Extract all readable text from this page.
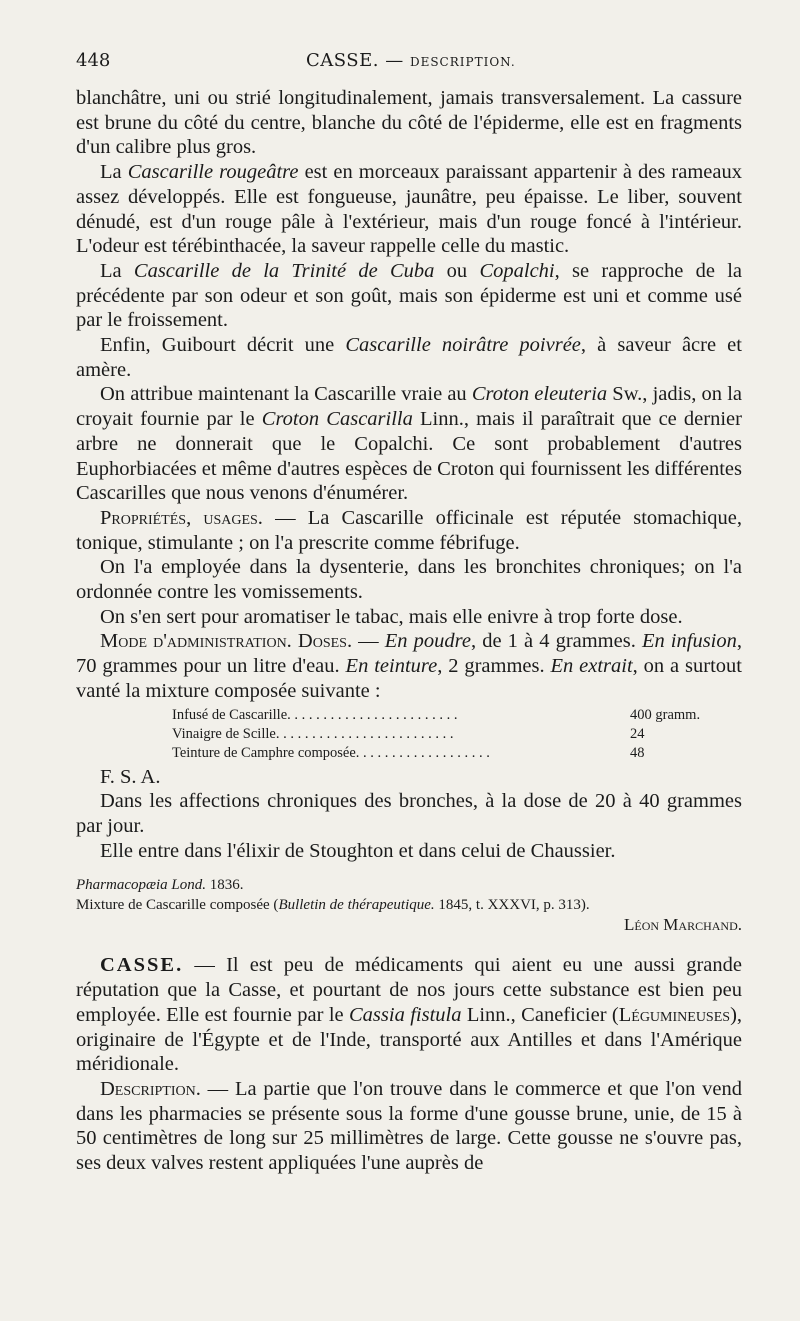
448	CASSE. — DESCRIPTION.

blanchâtre, uni ou strié longitudinalement, jamais transversalement. La cassure est brune du côté du centre, blanche du côté de l'épiderme, elle est en fragments d'un calibre plus gros.

La Cascarille rougeâtre est en morceaux paraissant appartenir à des rameaux assez développés. Elle est fongueuse, jaunâtre, peu épaisse. Le liber, souvent dénudé, est d'un rouge pâle à l'extérieur, mais d'un rouge foncé à l'intérieur. L'odeur est térébinthacée, la saveur rappelle celle du mastic.

La Cascarille de la Trinité de Cuba ou Copalchi, se rapproche de la précédente par son odeur et son goût, mais son épiderme est uni et comme usé par le froissement.

Enfin, Guibourt décrit une Cascarille noirâtre poivrée, à saveur âcre et amère.

On attribue maintenant la Cascarille vraie au Croton eleuteria Sw., jadis, on la croyait fournie par le Croton Cascarilla Linn., mais il paraîtrait que ce dernier arbre ne donnerait que le Copalchi. Ce sont probablement d'autres Euphorbiacées et même d'autres espèces de Croton qui fournissent les différentes Cascarilles que nous venons d'énumérer.

Propriétés, usages. — La Cascarille officinale est réputée stomachique, tonique, stimulante ; on l'a prescrite comme fébrifuge.

On l'a employée dans la dysenterie, dans les bronchites chroniques; on l'a ordonnée contre les vomissements.

On s'en sert pour aromatiser le tabac, mais elle enivre à trop forte dose.

Mode d'administration. Doses. — En poudre, de 1 à 4 grammes. En infusion, 70 grammes pour un litre d'eau. En teinture, 2 grammes. En extrait, on a surtout vanté la mixture composée suivante :

Infusé de Cascarille. . . . . . . . . . . . . . . . . . . . . . . .	400 gramm.
Vinaigre de Scille. . . . . . . . . . . . . . . . . . . . . . . . .	24
Teinture de Camphre composée. . . . . . . . . . . . . . . . . . .	48

F. S. A.

Dans les affections chroniques des bronches, à la dose de 20 à 40 grammes par jour.

Elle entre dans l'élixir de Stoughton et dans celui de Chaussier.

Pharmacopæia Lond. 1836.

Mixture de Cascarille composée (Bulletin de thérapeutique. 1845, t. XXXVI, p. 313).

Léon Marchand.

CASSE. — Il est peu de médicaments qui aient eu une aussi grande réputation que la Casse, et pourtant de nos jours cette substance est bien peu employée. Elle est fournie par le Cassia fistula Linn., Caneficier (Légumineuses), originaire de l'Égypte et de l'Inde, transporté aux Antilles et dans l'Amérique méridionale.

Description. — La partie que l'on trouve dans le commerce et que l'on vend dans les pharmacies se présente sous la forme d'une gousse brune, unie, de 15 à 50 centimètres de long sur 25 millimètres de large. Cette gousse ne s'ouvre pas, ses deux valves restent appliquées l'une auprès de
